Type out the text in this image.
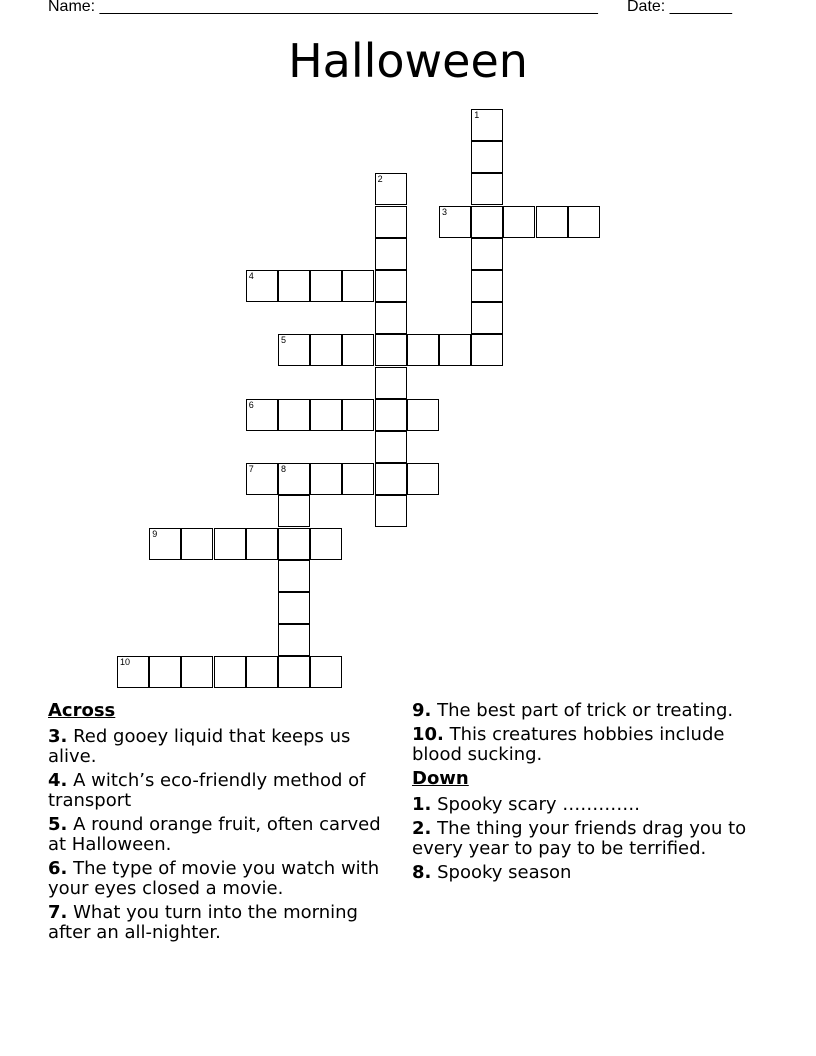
Name: ________________________________________________________ Date: _______
Halloween
1
2
3
4
5
6
7	8
9
10
Across
3. Red gooey liquid that keeps us alive.
4. A witch’s eco-friendly method of transport
5. A round orange fruit, often carved at Halloween.
6. The type of movie you watch with your eyes closed a movie.
7. What you turn into the morning after an all-nighter.
9. The best part of trick or treating.
10. This creatures hobbies include blood sucking.
Down
1. Spooky scary ………….
2. The thing your friends drag you to every year to pay to be terrified.
8. Spooky season
